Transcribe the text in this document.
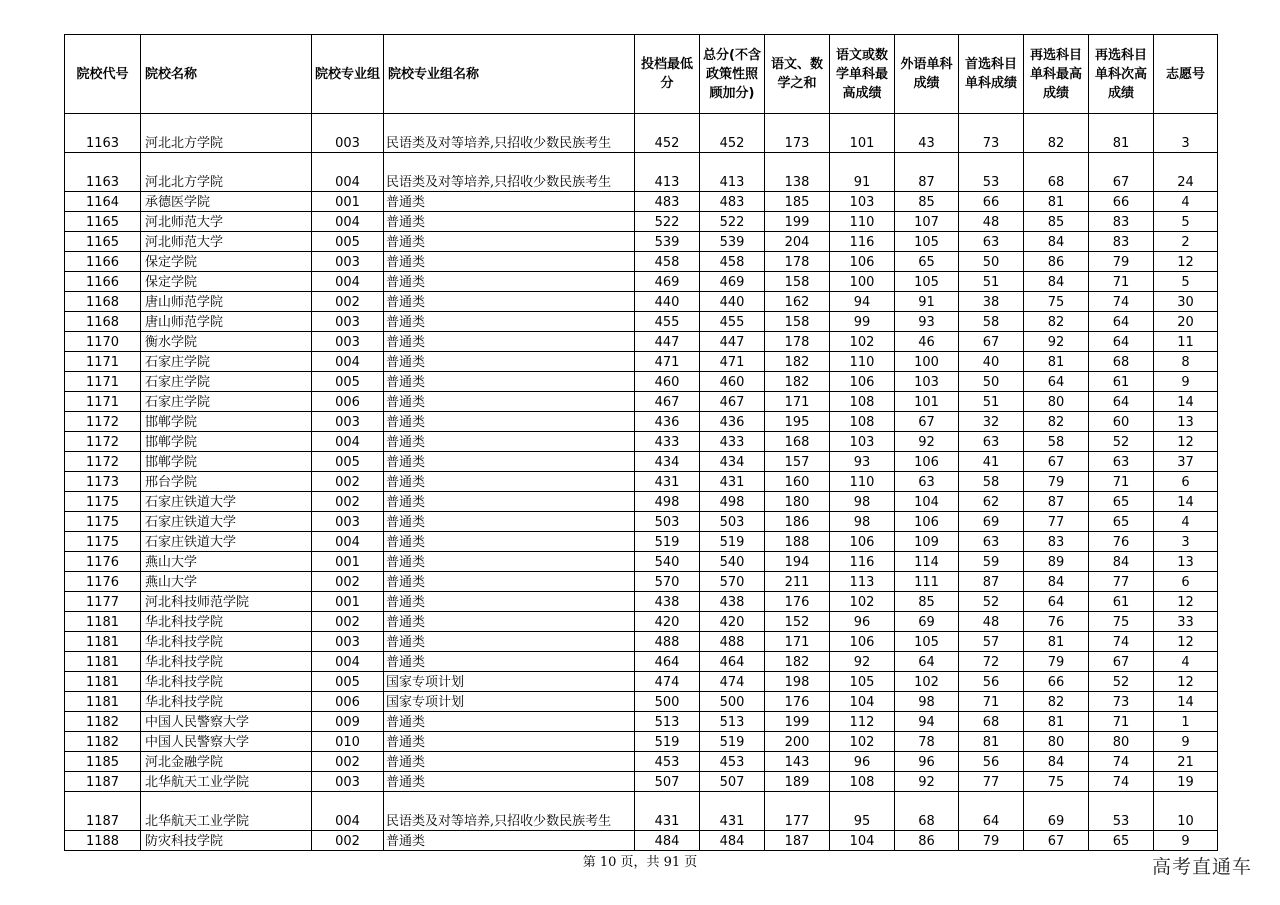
院校代号	院校名称	院校专业组	院校专业组名称	投档最低分	总分(不含政策性照顾加分)	语文、数学之和	语文或数学单科最高成绩	外语单科成绩	首选科目单科成绩	再选科目单科最高成绩	再选科目单科次高成绩	志愿号
1163	河北北方学院	003	民语类及对等培养,只招收少数民族考生	452	452	173	101	43	73	82	81	3
1163	河北北方学院	004	民语类及对等培养,只招收少数民族考生	413	413	138	91	87	53	68	67	24
1164	承德医学院	001	普通类	483	483	185	103	85	66	81	66	4
1165	河北师范大学	004	普通类	522	522	199	110	107	48	85	83	5
1165	河北师范大学	005	普通类	539	539	204	116	105	63	84	83	2
1166	保定学院	003	普通类	458	458	178	106	65	50	86	79	12
1166	保定学院	004	普通类	469	469	158	100	105	51	84	71	5
1168	唐山师范学院	002	普通类	440	440	162	94	91	38	75	74	30
1168	唐山师范学院	003	普通类	455	455	158	99	93	58	82	64	20
1170	衡水学院	003	普通类	447	447	178	102	46	67	92	64	11
1171	石家庄学院	004	普通类	471	471	182	110	100	40	81	68	8
1171	石家庄学院	005	普通类	460	460	182	106	103	50	64	61	9
1171	石家庄学院	006	普通类	467	467	171	108	101	51	80	64	14
1172	邯郸学院	003	普通类	436	436	195	108	67	32	82	60	13
1172	邯郸学院	004	普通类	433	433	168	103	92	63	58	52	12
1172	邯郸学院	005	普通类	434	434	157	93	106	41	67	63	37
1173	邢台学院	002	普通类	431	431	160	110	63	58	79	71	6
1175	石家庄铁道大学	002	普通类	498	498	180	98	104	62	87	65	14
1175	石家庄铁道大学	003	普通类	503	503	186	98	106	69	77	65	4
1175	石家庄铁道大学	004	普通类	519	519	188	106	109	63	83	76	3
1176	燕山大学	001	普通类	540	540	194	116	114	59	89	84	13
1176	燕山大学	002	普通类	570	570	211	113	111	87	84	77	6
1177	河北科技师范学院	001	普通类	438	438	176	102	85	52	64	61	12
1181	华北科技学院	002	普通类	420	420	152	96	69	48	76	75	33
1181	华北科技学院	003	普通类	488	488	171	106	105	57	81	74	12
1181	华北科技学院	004	普通类	464	464	182	92	64	72	79	67	4
1181	华北科技学院	005	国家专项计划	474	474	198	105	102	56	66	52	12
1181	华北科技学院	006	国家专项计划	500	500	176	104	98	71	82	73	14
1182	中国人民警察大学	009	普通类	513	513	199	112	94	68	81	71	1
1182	中国人民警察大学	010	普通类	519	519	200	102	78	81	80	80	9
1185	河北金融学院	002	普通类	453	453	143	96	96	56	84	74	21
1187	北华航天工业学院	003	普通类	507	507	189	108	92	77	75	74	19
1187	北华航天工业学院	004	民语类及对等培养,只招收少数民族考生	431	431	177	95	68	64	69	53	10
1188	防灾科技学院	002	普通类	484	484	187	104	86	79	67	65	9
第 10 页，共 91 页	高考直通车
